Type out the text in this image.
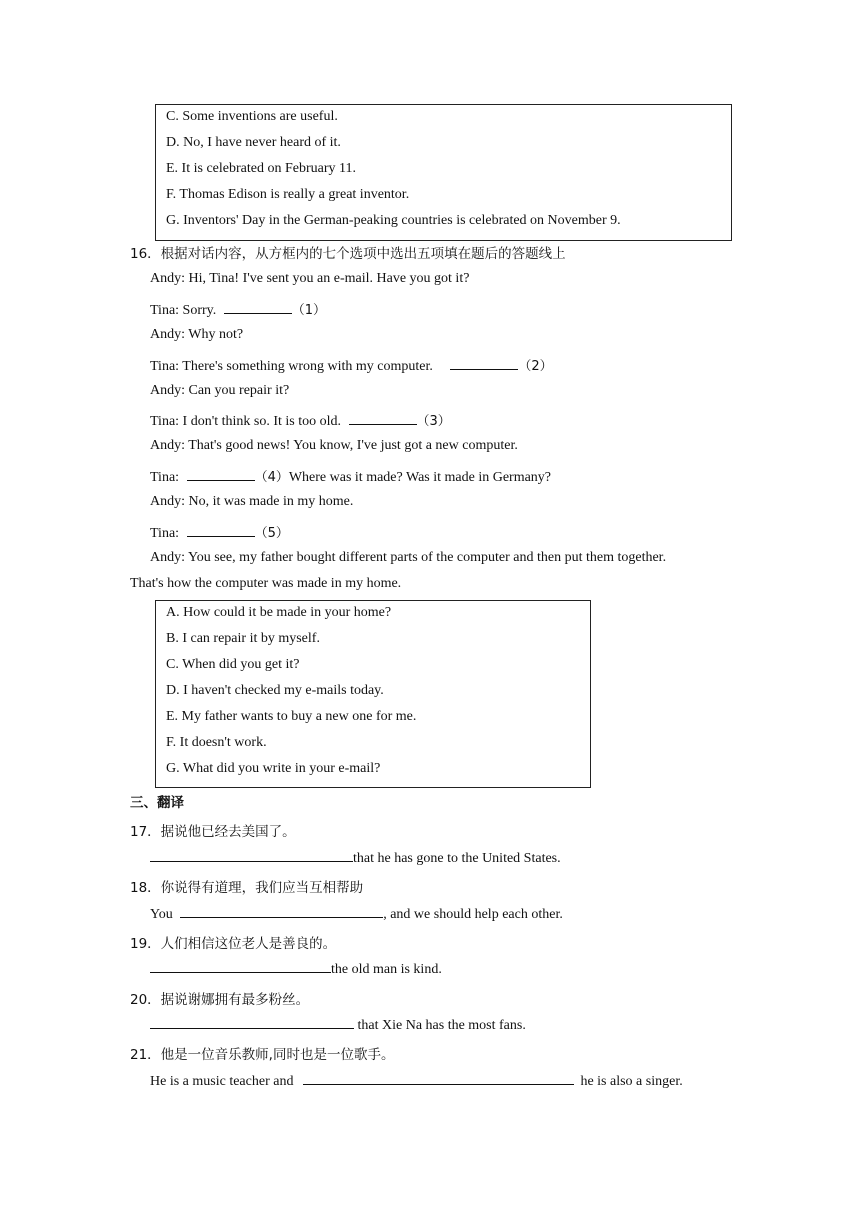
C. Some inventions are useful.
D. No, I have never heard of it.
E. It is celebrated on February 11.
F. Thomas Edison is really a great inventor.
G. Inventors' Day in the German-peaking countries is celebrated on November 9.
16．根据对话内容，从方框内的七个选项中选出五项填在题后的答题线上
Andy: Hi, Tina! I've sent you an e-mail. Have you got it?
Tina: Sorry.	（1）
Andy: Why not?
Tina: There's something wrong with my computer.	（2）
Andy: Can you repair it?
Tina: I don't think so. It is too old.	（3）
Andy: That's good news! You know, I've just got a new computer.
Tina:	（4）Where was it made? Was it made in Germany?
Andy: No, it was made in my home.
Tina:	（5）
Andy: You see, my father bought different parts of the computer and then put them together.
That's how the computer was made in my home.
A. How could it be made in your home?
B. I can repair it by myself.
C. When did you get it?
D. I haven't checked my e-mails today.
E. My father wants to buy a new one for me.
F. It doesn't work.
G. What did you write in your e-mail?
三、翻译
17．据说他已经去美国了。
that he has gone to the United States.
18．你说得有道理，我们应当互相帮助
You	, and we should help each other.
19．人们相信这位老人是善良的。
the old man is kind.
20．据说谢娜拥有最多粉丝。
that Xie Na has the most fans.
21．他是一位音乐教师,同时也是一位歌手。
He is a music teacher and	he is also a singer.
